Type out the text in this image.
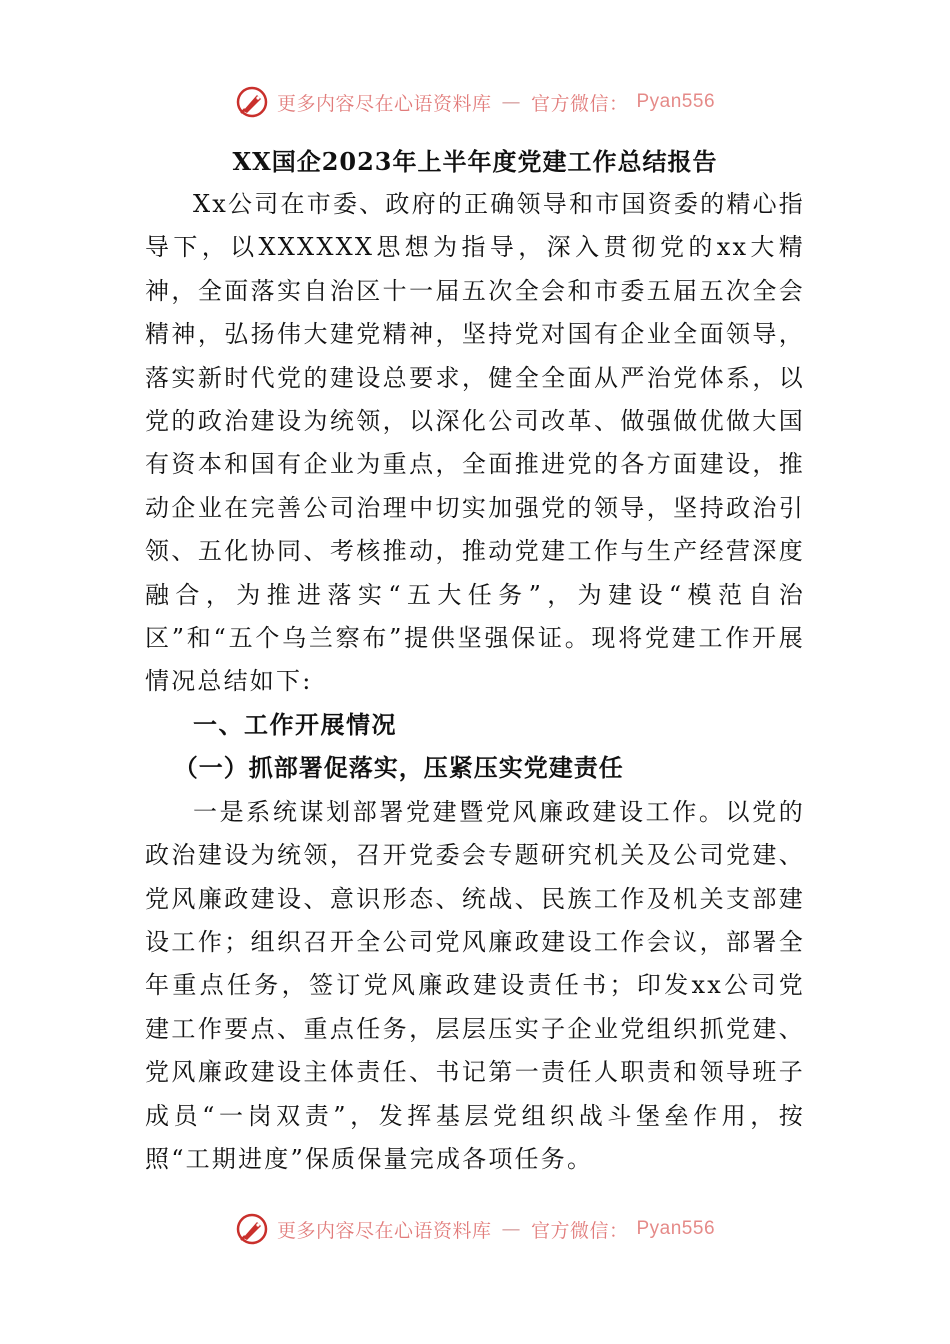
更多内容尽在心语资料库 — 官方微信： Pyan556
XX国企2023年上半年度党建工作总结报告

Xx公司在市委、政府的正确领导和市国资委的精心指导下，以XXXXXX思想为指导，深入贯彻党的xx大精神，全面落实自治区十一届五次全会和市委五届五次全会精神，弘扬伟大建党精神，坚持党对国有企业全面领导，落实新时代党的建设总要求，健全全面从严治党体系，以党的政治建设为统领，以深化公司改革、做强做优做大国有资本和国有企业为重点，全面推进党的各方面建设，推动企业在完善公司治理中切实加强党的领导，坚持政治引领、五化协同、考核推动，推动党建工作与生产经营深度融合，为推进落实“五大任务”，为建设“模范自治区”和“五个乌兰察布”提供坚强保证。现将党建工作开展情况总结如下:

一、工作开展情况

（一）抓部署促落实，压紧压实党建责任

一是系统谋划部署党建暨党风廉政建设工作。以党的政治建设为统领，召开党委会专题研究机关及公司党建、党风廉政建设、意识形态、统战、民族工作及机关支部建设工作；组织召开全公司党风廉政建设工作会议，部署全年重点任务，签订党风廉政建设责任书；印发xx公司党建工作要点、重点任务，层层压实子企业党组织抓党建、党风廉政建设主体责任、书记第一责任人职责和领导班子成员“一岗双责”，发挥基层党组织战斗堡垒作用，按照“工期进度”保质保量完成各项任务。

更多内容尽在心语资料库 — 官方微信： Pyan556
